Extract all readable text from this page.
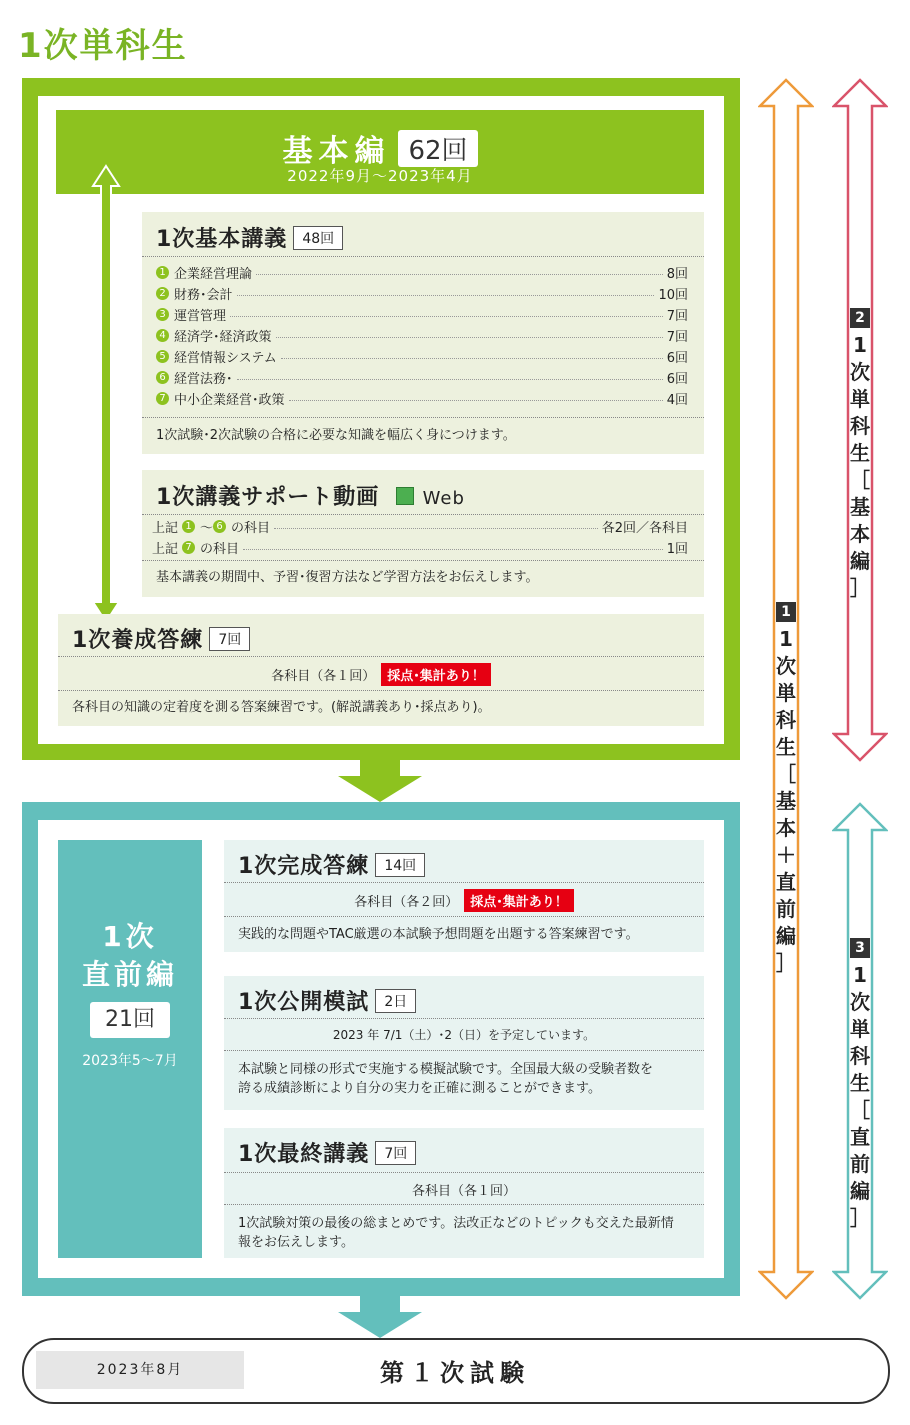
1次単科生
基本編 62回
2022年9月～2023年4月
1次基本講義 48回
1 企業経営理論	8回
2 財務･会計	10回
3 運営管理	7回
4 経済学･経済政策	7回
5 経営情報システム	6回
6 経営法務･	6回
7 中小企業経営･政策	4回
1次試験･2次試験の合格に必要な知識を幅広く身につけます。
1次講義サポート動画 Web
上記 1 ～ 6 の科目	各2回／各科目
上記 7 の科目	1回
基本講義の期間中、予習･復習方法など学習方法をお伝えします。
1次養成答練 7回
各科目（各１回） 採点･集計あり！
各科目の知識の定着度を測る答案練習です。(解説講義あり･採点あり)。
1次
直前編
21回
2023年5～7月
1次完成答練 14回
各科目（各２回） 採点･集計あり！
実践的な問題やTAC厳選の本試験予想問題を出題する答案練習です。
1次公開模試 2日
2023 年 7/1（土）･2（日）を予定しています。
本試験と同様の形式で実施する模擬試験です。全国最大級の受験者数を
誇る成績診断により自分の実力を正確に測ることができます。
1次最終講義 7回
各科目（各１回）
1次試験対策の最後の総まとめです。法改正などのトピックも交えた最新情
報をお伝えします。
2023年8月	第１次試験
1
1
次
単
科
生
［
基
本
＋
直
前
編
］
2
1
次
単
科
生
［
基
本
編
］
3
1
次
単
科
生
［
直
前
編
］
